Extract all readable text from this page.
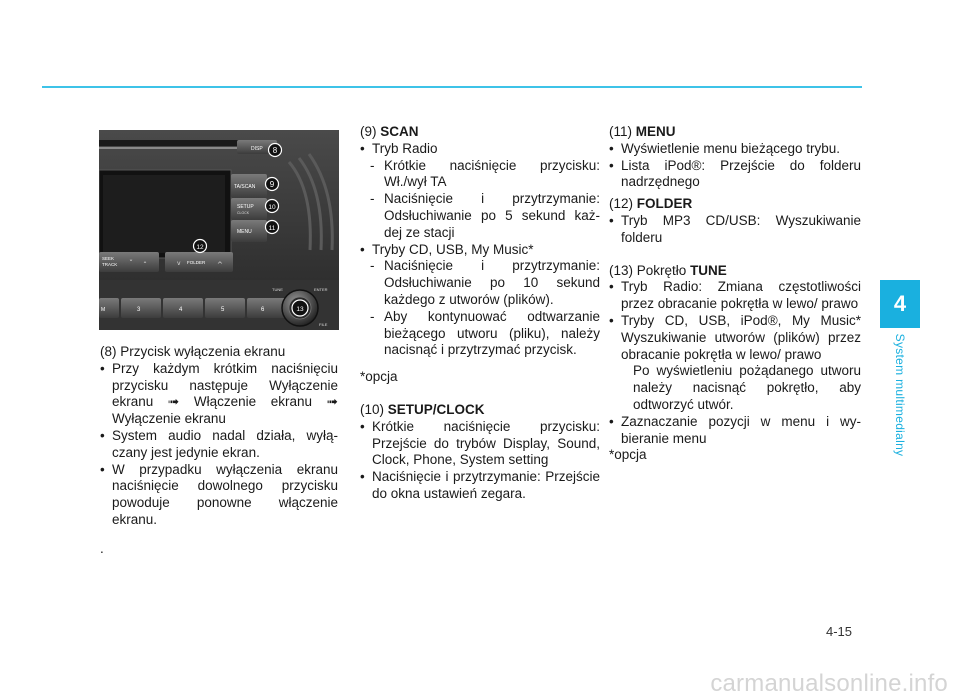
4
System multimedialny
DISP
TA/SCAN
SETUP
CLOCK
MENU
SEEK
TRACK ˇ ˆ	v FOLDER ^
M	3	4	5	6
TUNE	ENTER
FILE
8
9
10
11
12
13

(8) Przycisk wyłączenia ekranu

• Przy każdym krótkim naciśnięciu przycisku następuje Wyłączenie ekranu ➟ Włączenie ekranu ➟ Wyłączenie ekranu

• System audio nadal działa, wyłą- czany jest jedynie ekran.

• W przypadku wyłączenia ekranu naciśnięcie dowolnego przycisku powoduje ponowne włączenie ekranu.

.

(9) SCAN

• Tryb Radio

- Krótkie naciśnięcie przycisku: Wł./wył TA

- Naciśnięcie i przytrzymanie: Odsłuchiwanie po 5 sekund każ- dej ze stacji

• Tryby CD, USB, My Music*

- Naciśnięcie i przytrzymanie: Odsłuchiwanie po 10 sekund każdego z utworów (plików).

- Aby kontynuować odtwarzanie bieżącego utworu (pliku), należy nacisnąć i przytrzymać przycisk.

*opcja

(10) SETUP/CLOCK

• Krótkie naciśnięcie przycisku: Przejście do trybów Display, Sound, Clock, Phone, System setting

• Naciśnięcie i przytrzymanie: Przejście do okna ustawień zegara.

(11) MENU

• Wyświetlenie menu bieżącego trybu.

• Lista iPod®: Przejście do folderu nadrzędnego

(12) FOLDER

• Tryb MP3 CD/USB: Wyszukiwanie folderu

(13) Pokrętło TUNE

• Tryb Radio: Zmiana częstotliwości przez obracanie pokrętła w lewo/ prawo

• Tryby CD, USB, iPod®, My Music* Wyszukiwanie utworów (plików) przez obracanie pokrętła w lewo/ prawo

Po wyświetleniu pożądanego utworu należy nacisnąć pokrętło, aby odtworzyć utwór.

• Zaznaczanie pozycji w menu i wy- bieranie menu

*opcja

4-15
carmanualsonline.info
